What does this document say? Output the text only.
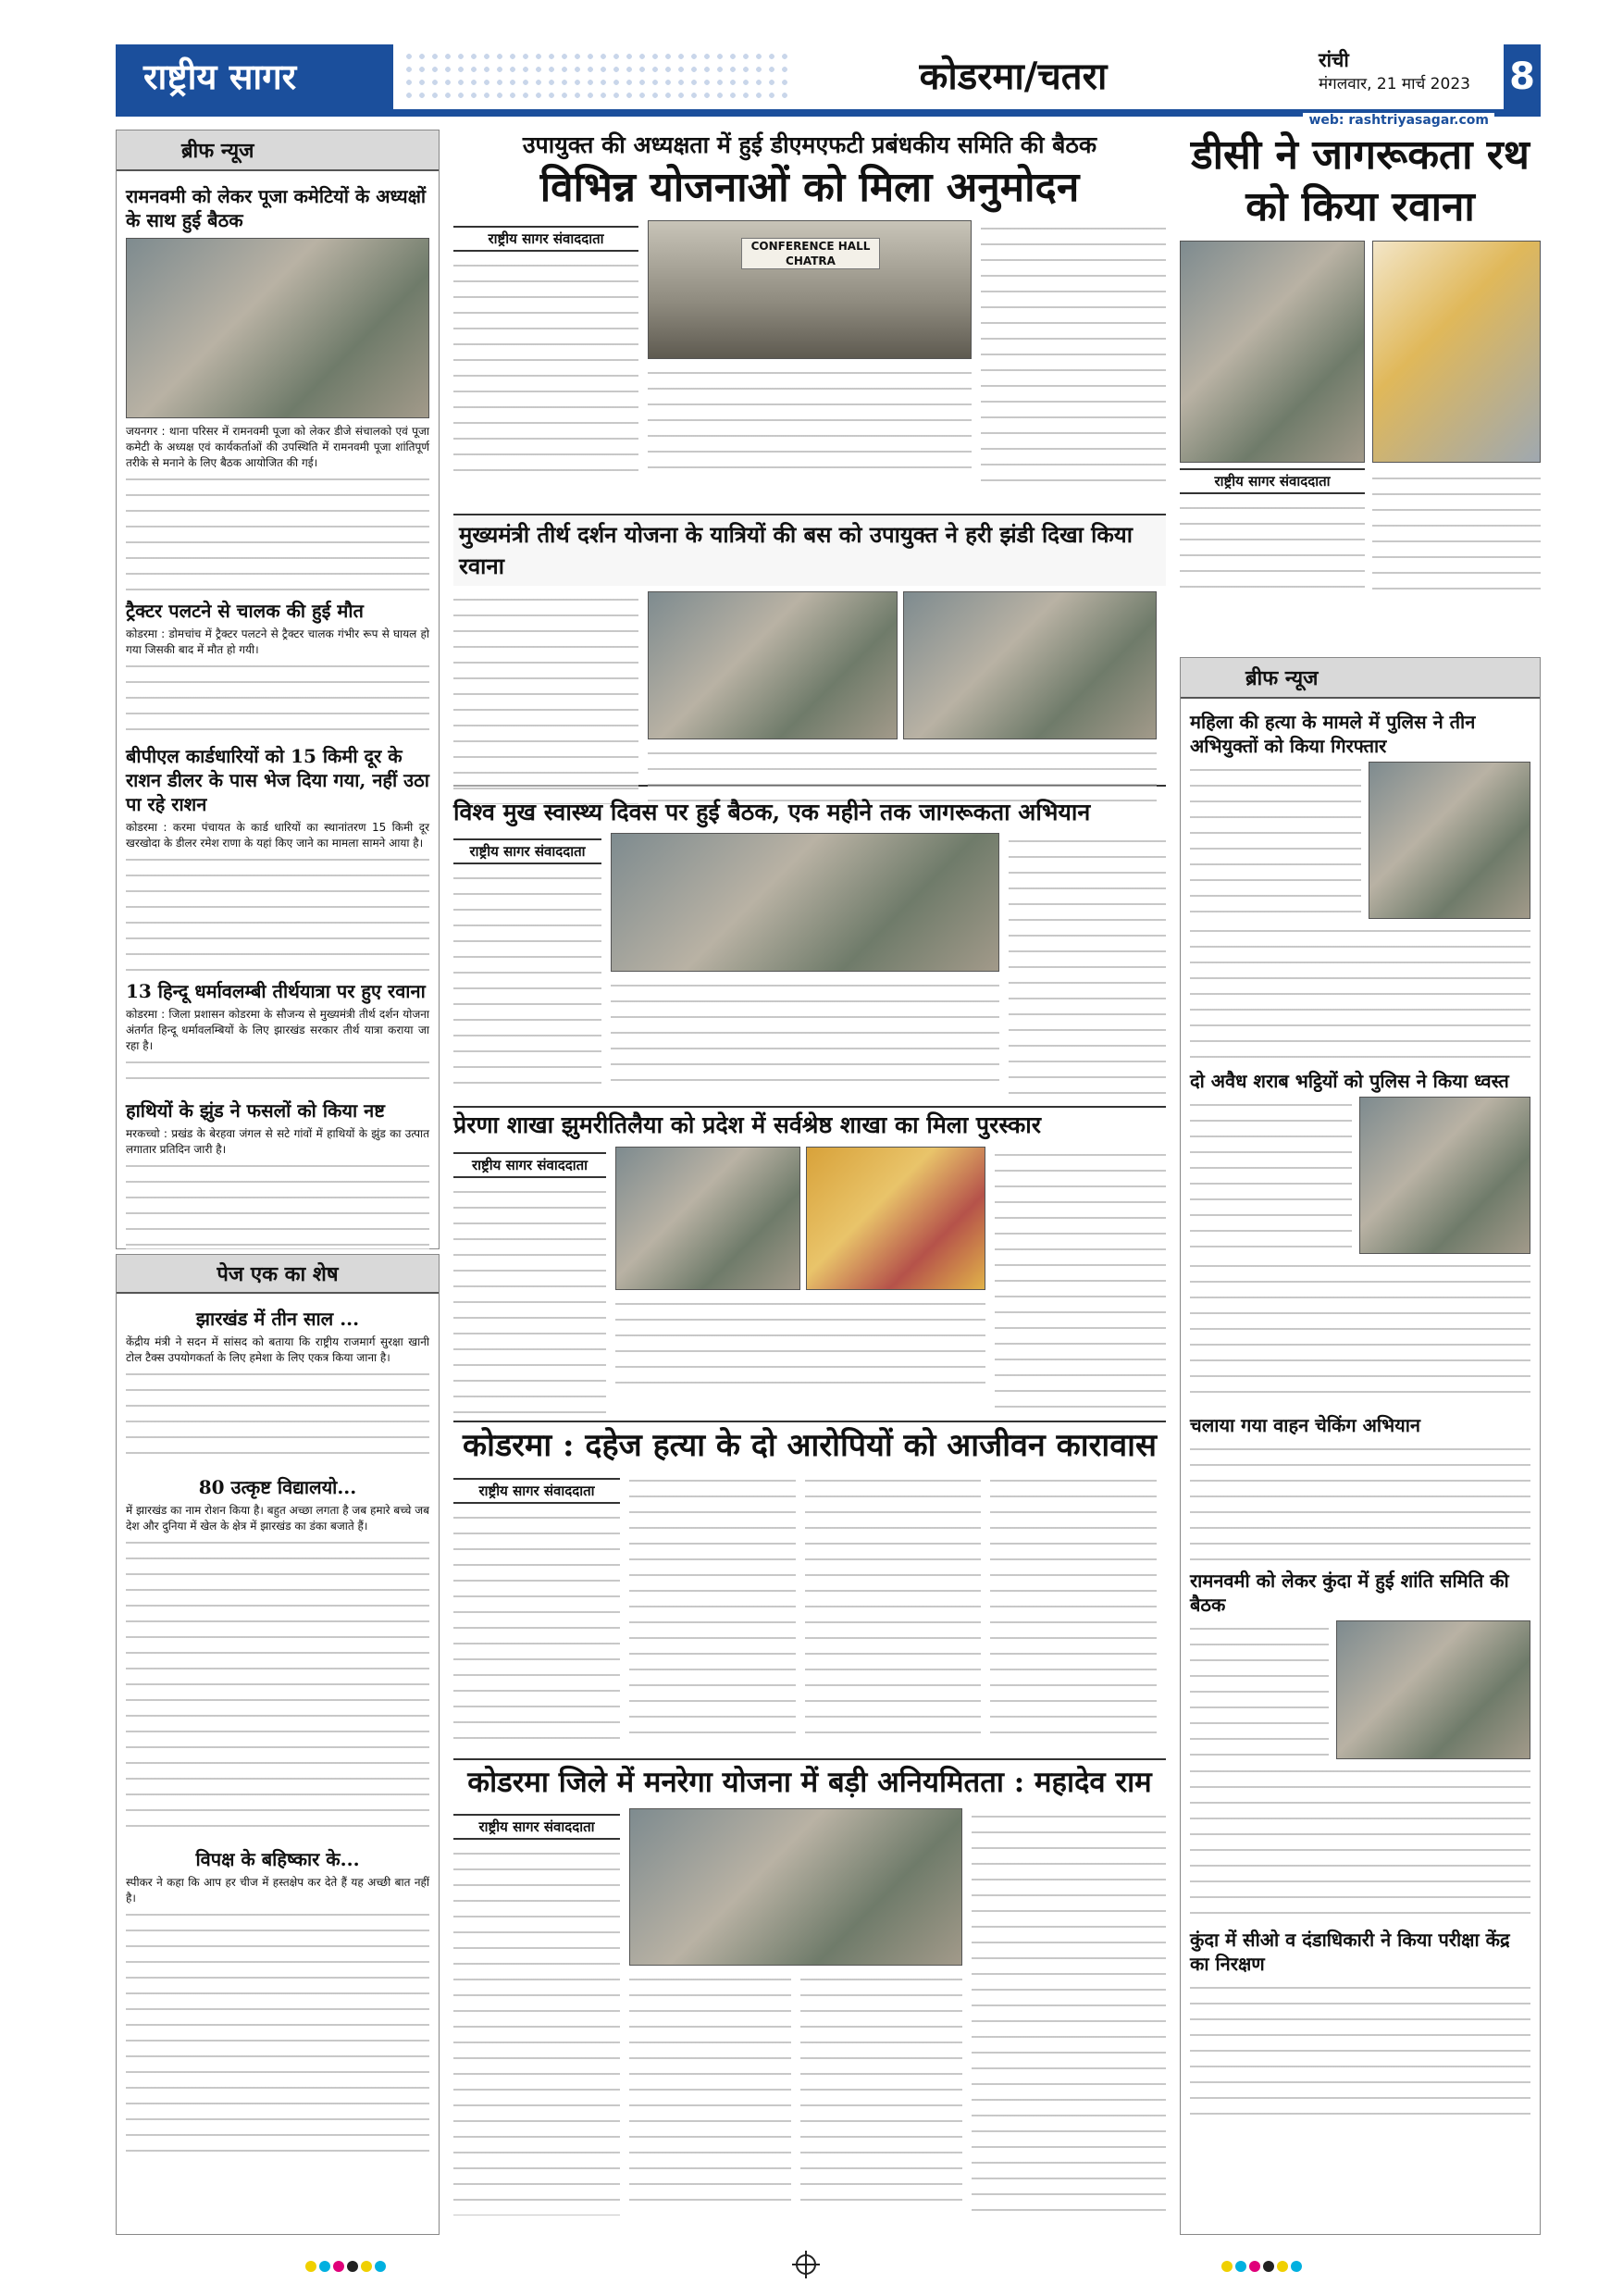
राष्ट्रीय सागर	कोडरमा/चतरा	रांची
मंगलवार, 21 मार्च 2023	8
web: rashtriyasagar.com
ब्रीफ न्यूज
रामनवमी को लेकर पूजा कमेटियों के अध्यक्षों के साथ हुई बैठक

जयनगर : थाना परिसर में रामनवमी पूजा को लेकर डीजे संचालको एवं पूजा कमेटी के अध्यक्ष एवं कार्यकर्ताओं की उपस्थिति में रामनवमी पूजा शांतिपूर्ण तरीके से मनाने के लिए बैठक आयोजित की गई।

ट्रैक्टर पलटने से चालक की हुई मौत

कोडरमा : डोमचांच में ट्रैक्टर पलटने से ट्रैक्टर चालक गंभीर रूप से घायल हो गया जिसकी बाद में मौत हो गयी।

बीपीएल कार्डधारियों को 15 किमी दूर के राशन डीलर के पास भेज दिया गया, नहीं उठा पा रहे राशन

कोडरमा : करमा पंचायत के कार्ड धारियों का स्थानांतरण 15 किमी दूर खरखोदा के डीलर रमेश राणा के यहां किए जाने का मामला सामने आया है।

13 हिन्दू धर्मावलम्बी तीर्थयात्रा पर हुए रवाना

कोडरमा : जिला प्रशासन कोडरमा के सौजन्य से मुख्यमंत्री तीर्थ दर्शन योजना अंतर्गत हिन्दू धर्मावलम्बियों के लिए झारखंड सरकार तीर्थ यात्रा कराया जा रहा है।

हाथियों के झुंड ने फसलों को किया नष्ट

मरकच्चो : प्रखंड के बेरहवा जंगल से सटे गांवों में हाथियों के झुंड का उत्पात लगातार प्रतिदिन जारी है।

पेज एक का शेष
झारखंड में तीन साल ...

केंद्रीय मंत्री ने सदन में सांसद को बताया कि राष्ट्रीय राजमार्ग सुरक्षा खानी टोल टैक्स उपयोगकर्ता के लिए हमेशा के लिए एकत्र किया जाना है।

80 उत्कृष्ट विद्यालयो...

में झारखंड का नाम रोशन किया है। बहुत अच्छा लगता है जब हमारे बच्चे जब देश और दुनिया में खेल के क्षेत्र में झारखंड का डंका बजाते हैं।

विपक्ष के बहिष्कार के...

स्पीकर ने कहा कि आप हर चीज में हस्तक्षेप कर देते हैं यह अच्छी बात नहीं है।

उपायुक्त की अध्यक्षता में हुई डीएमएफटी प्रबंधकीय समिति की बैठक
विभिन्न योजनाओं को मिला अनुमोदन
राष्ट्रीय सागर संवाददाता	CONFERENCE HALL
CHATRA
मुख्यमंत्री तीर्थ दर्शन योजना के यात्रियों की बस को उपायुक्त ने हरी झंडी दिखा किया रवाना
विश्व मुख स्वास्थ्य दिवस पर हुई बैठक, एक महीने तक जागरूकता अभियान
राष्ट्रीय सागर संवाददाता
प्रेरणा शाखा झुमरीतिलैया को प्रदेश में सर्वश्रेष्ठ शाखा का मिला पुरस्कार
राष्ट्रीय सागर संवाददाता
कोडरमा : दहेज हत्या के दो आरोपियों को आजीवन कारावास
राष्ट्रीय सागर संवाददाता
कोडरमा जिले में मनरेगा योजना में बड़ी अनियमितता : महादेव राम
राष्ट्रीय सागर संवाददाता
डीसी ने जागरूकता रथ को किया रवाना
राष्ट्रीय सागर संवाददाता
ब्रीफ न्यूज
महिला की हत्या के मामले में पुलिस ने तीन अभियुक्तों को किया गिरफ्तार
दो अवैध शराब भट्ठियों को पुलिस ने किया ध्वस्त
चलाया गया वाहन चेकिंग अभियान
रामनवमी को लेकर कुंदा में हुई शांति समिति की बैठक
कुंदा में सीओ व दंडाधिकारी ने किया परीक्षा केंद्र का निरक्षण
